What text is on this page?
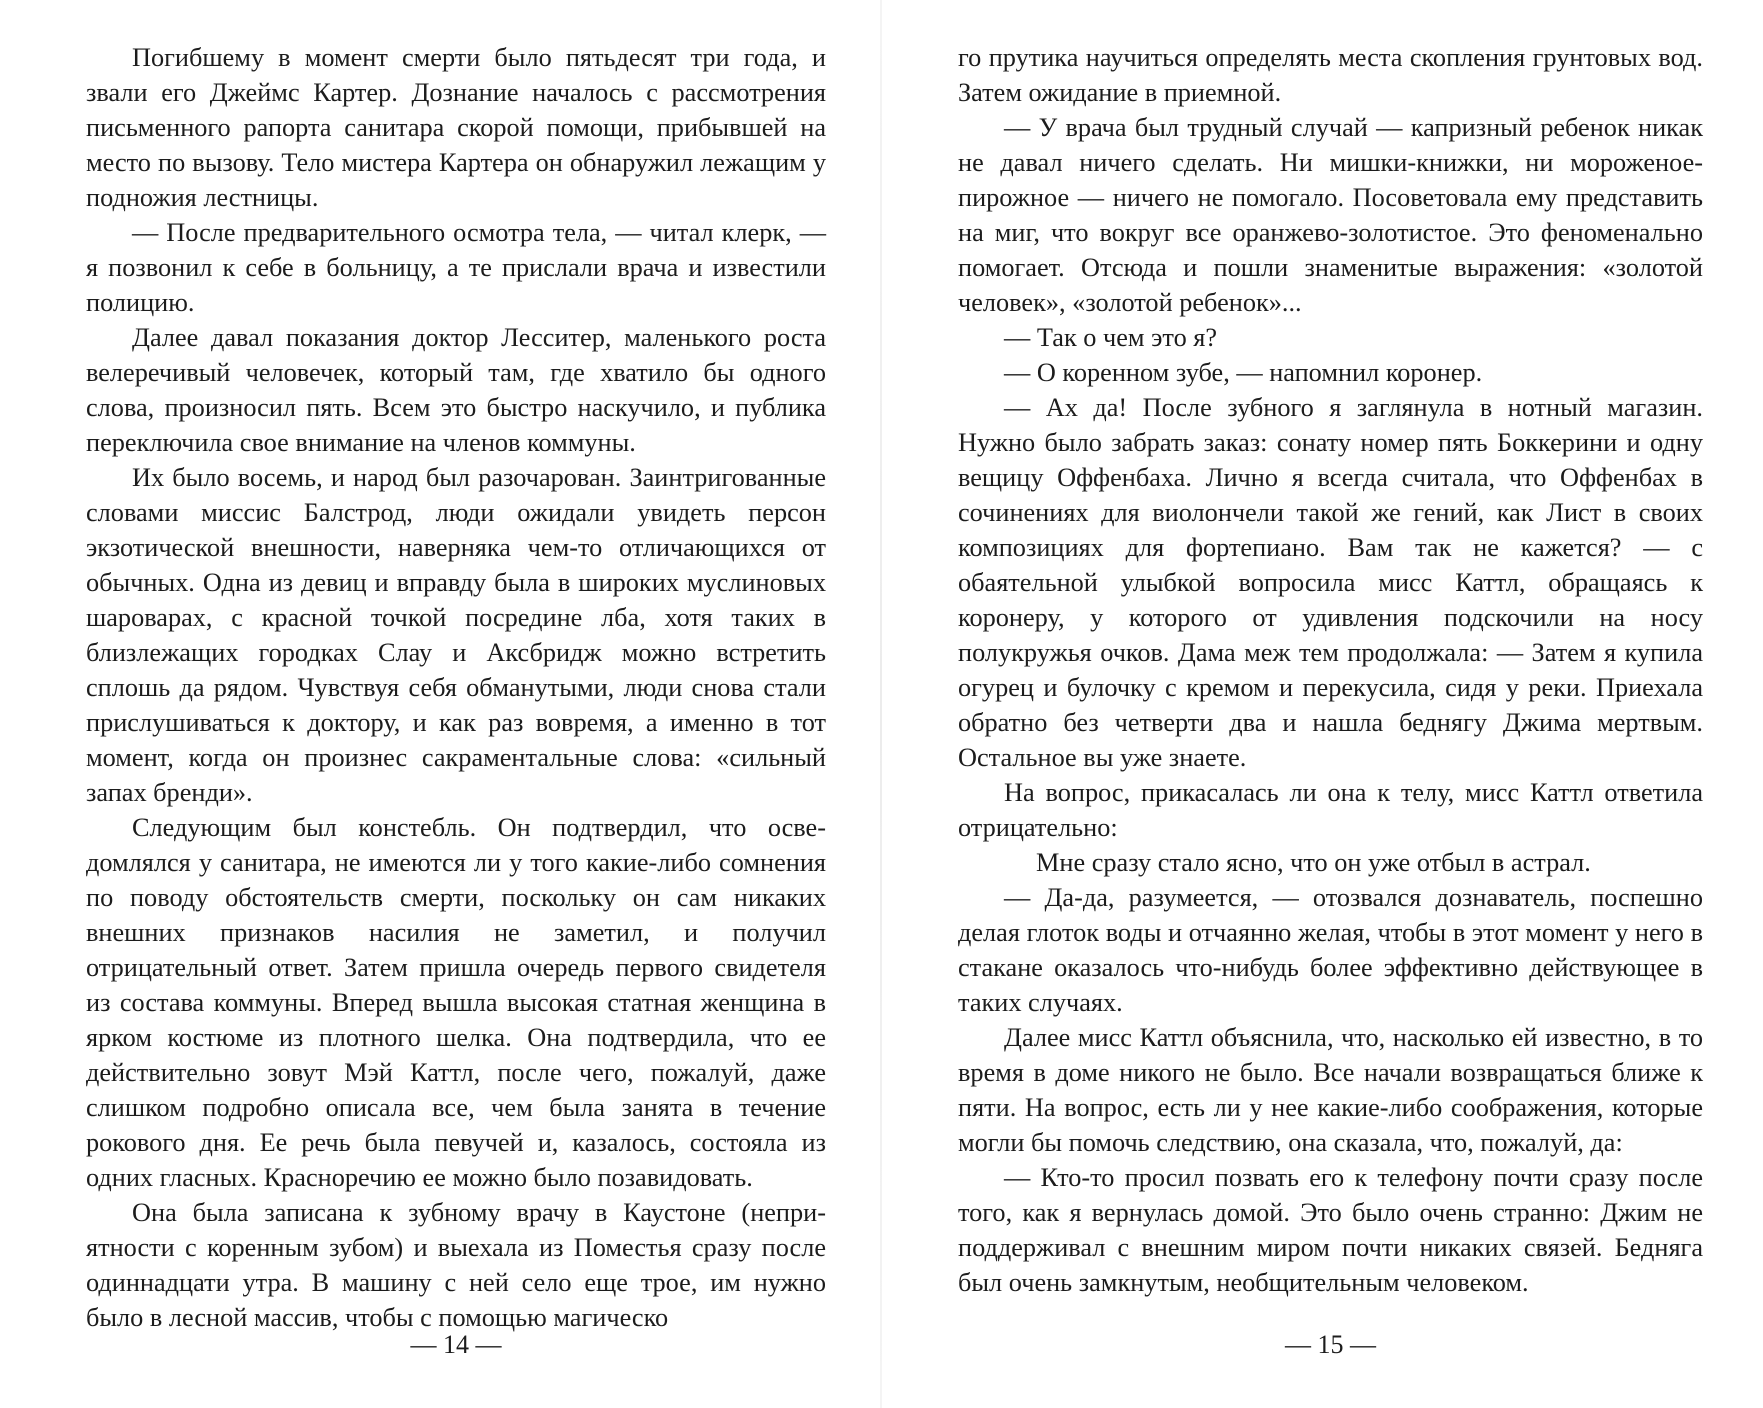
Погибшему в момент смерти было пятьдесят три года, и звали его Джеймс Картер. Дознание началось с рассмотрения письменного рапорта санитара скорой помощи, прибывшей на место по вызову. Тело мистера Картера он обнаружил лежащим у подножия лестницы.

— После предварительного осмотра тела, — читал клерк, — я позвонил к себе в больницу, а те прислали врача и известили полицию.

Далее давал показания доктор Лесситер, маленького роста велеречивый человечек, который там, где хватило бы одного слова, произносил пять. Всем это быстро наскучило, и публика переключила свое внимание на членов коммуны.

Их было восемь, и народ был разочарован. Заинтригованные словами миссис Балстрод, люди ожидали увидеть персон экзотической внешности, наверняка чем-то отличающихся от обычных. Одна из девиц и вправду была в широких муслиновых шароварах, с красной точкой посредине лба, хотя таких в близлежащих городках Слау и Аксбридж можно встретить сплошь да рядом. Чувствуя себя обманутыми, люди снова стали прислушиваться к доктору, и как раз вовремя, а именно в тот момент, когда он произнес сакраментальные слова: «сильный запах бренди».

Следующим был констебль. Он подтвердил, что осведомлялся у санитара, не имеются ли у того какие-либо сомнения по поводу обстоятельств смерти, поскольку он сам никаких внешних признаков насилия не заметил, и получил отрицательный ответ. Затем пришла очередь первого свидетеля из состава коммуны. Вперед вышла высокая статная женщина в ярком костюме из плотного шелка. Она подтвердила, что ее действительно зовут Мэй Каттл, после чего, пожалуй, даже слишком подробно описала все, чем была занята в течение рокового дня. Ее речь была певучей и, казалось, состояла из одних гласных. Красноречию ее можно было позавидовать.

Она была записана к зубному врачу в Каустоне (неприятности с коренным зубом) и выехала из Поместья сразу после одиннадцати утра. В машину с ней село еще трое, им нужно было в лесной массив, чтобы с помощью магическо

— 14 —

го прутика научиться определять места скопления грунтовых вод. Затем ожидание в приемной.

— У врача был трудный случай — капризный ребенок никак не давал ничего сделать. Ни мишки-книжки, ни мороженое-пирожное — ничего не помогало. Посоветовала ему представить на миг, что вокруг все оранжево-золотистое. Это феноменально помогает. Отсюда и пошли знаменитые выражения: «золотой человек», «золотой ребенок»...

— Так о чем это я?

— О коренном зубе, — напомнил коронер.

— Ах да! После зубного я заглянула в нотный магазин. Нужно было забрать заказ: сонату номер пять Боккерини и одну вещицу Оффенбаха. Лично я всегда считала, что Оффенбах в сочинениях для виолончели такой же гений, как Лист в своих композициях для фортепиано. Вам так не кажется? — с обаятельной улыбкой вопросила мисс Каттл, обращаясь к коронеру, у которого от удивления подскочили на носу полукружья очков. Дама меж тем продолжала: — Затем я купила огурец и булочку с кремом и перекусила, сидя у реки. Приехала обратно без четверти два и нашла беднягу Джима мертвым. Остальное вы уже знаете.

На вопрос, прикасалась ли она к телу, мисс Каттл ответила отрицательно:

Мне сразу стало ясно, что он уже отбыл в астрал.

— Да-да, разумеется, — отозвался дознаватель, поспешно делая глоток воды и отчаянно желая, чтобы в этот момент у него в стакане оказалось что-нибудь более эффективно действующее в таких случаях.

Далее мисс Каттл объяснила, что, насколько ей известно, в то время в доме никого не было. Все начали возвращаться ближе к пяти. На вопрос, есть ли у нее какие-либо соображения, которые могли бы помочь следствию, она сказала, что, пожалуй, да:

— Кто-то просил позвать его к телефону почти сразу после того, как я вернулась домой. Это было очень странно: Джим не поддерживал с внешним миром почти никаких связей. Бедняга был очень замкнутым, необщительным человеком.

— 15 —
